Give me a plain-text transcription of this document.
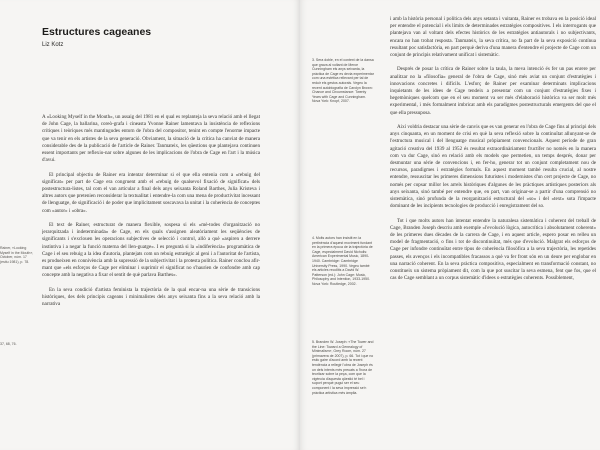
Estructures cageanes
Liz Kotz
Rainer, «Looking Myself in the Mouth», October, núm. 17 (estiu 1981), p. 78.
37, 68, 76.

A «Looking Myself in the Mouth», un assaig del 1981 en el qual es replanteja la seva relació amb el llegat de John Cage, la ballarina, coreò-grafa i cineasta Yvonne Rainer lamentava la insistència de reflexions crítiques i teòriques més mantingudes entorn de l'obra del compositor, tenint en compte l'enorme impacte que va tenir en els artistes de la seva generació. Obviament, la situació de la crítica ha canviat de manera considerable des de la publicació de l'article de Rainer. Tanmateix, les qüestions que plantejava continuen essent importants per reflexio-nar sobre algunes de les implicacions de l'obra de Cage en l'art i la música d'avui.

El principal objectiu de Rainer era intentar determinar si el que ella entenia com a «rebuig del significat» per part de Cage era congruent amb el «rebuig de qualsevol fixació de significat» dels postestructura-listes, tal com el van articular a final dels anys seixanta Roland Barthes, Julia Kristeva i altres autors que pretenien reconsiderar la textualitat i entendre-la com una mena de productivitat incessant de llenguatge, de significació i de poder que implicitament soscavava la unitat i la coherència de conceptes com «autor» i «obra».

El text de Rainer, estructurat de manera flexible, sospesa si els «mè-todes d'organització no jerarquitzada i indeterminada» de Cage, en els quals s'assignen aleatòriament les seqüències de significants i s'exclouen les operacions subjectives de selecció i control, allò a què «aspiren a derrere instintiva i a negar la funció materna del llen-guatge». I es preguntà si la «indiferència» programàtica de Cage i el seu rebuig a la idea d'autoria, plantejats com un rebuig estratègic al geni i a l'autoritat de l'artista, es produeixen en connivència amb la supressió de la subjectivitat i la protesta política. Rainer conclou afir-mant que «els esforços de Cage per eliminar i suprimir el significat no s'haurien de confondre amb cap concepte amb la negativa a fixar el sentit de què parlava Barthes».

En la seva condició d'artista feminista la trajectòria de la qual encar-na una sèrie de transicions històriques, des dels principis cageans i minimalistes dels anys seixanta fins a la seva relació amb la narrativa

3. Sera doble, en el context de la dansa que grava al voltant de Merce Cunningham els anys seixanta, la pràctica de Cage es devia experimentar com una estètica rellevant per tal de reduir els gestos autorals. Vegeu la recent autobiografia de Carolyn Brown: Chance and Circumstance: Twenty Years with Cage and Cunningham. Nova York: Knopf, 2007.
4. Molts autors han insistit en la pertinència d'aquest moviment fundant en la primera època de la trajectòria de Cage, especialment David Nicholls: American Experimental Music, 1890-1940. Cambridge: Cambridge University Press, 1990. Vegeu també els articles recollits a David W. Patterson (ed.): John Cage: Music, Philosophy and Intention, 1933-1950. Nova York: Routledge, 2002.
5. Branden W. Joseph: «The Tower and the Line: Toward a Genealogy of Minimalism», Grey Room, núm. 27 (primavera de 2007), p. 66. Tot i que no estic gaire d'acord amb la recent tendència a rellegir l'obra de Joseph és un dels intents més preuats a l'hora de teoritzar sobre la peça, com que la vigència d'aquesta qüestió té bel i suport perquè pugui ser el seu component i la seva impressió se'n pràctica artística més àmplia.

i amb la història personal i política dels anys setanta i vuitanta, Rainer es trobava en la posició ideal per entendre el potencial i els límits de determinades estratègies compositives. I els interrogants que plantejava van al voltant dels efectes històrics de les estratègies antiautorals i no subjectivants, encara no han trobat resposta. Tanmateix, la seva crítica, no fa part de la seva exposició contínua resultant poc satisfactòria, en part perquè deriva d'una manera d'entendre el projecte de Cage com un conjunt de principis relativament unificat i sistemàtic.

Després de posar la crítica de Rainer sobre la taula, la meva intenció és fer un pas enrere per analitzar no la «filosofia» general de l'obra de Cage, sinó més aviat un conjunt d'estratègies i innovacions concretes i difícils. L'esforç de Rainer per examinar determinats implicacions inquietants de les idees de Cage tendeix a presentar com un conjunt d'estratègies fixes i hegemòniques quelcom que en el seu moment va ser més d'elaboració històrica va ser molt més experimental, i més formalment imbricat amb els paradigmes postestructurals emergents del que el que ella pressuposa.

Així voldria destacar una sèrie de canvis que es van generar en l'obra de Cage fins al principi dels anys cinquanta, en un moment de crisi en què la seva reflexió sobre la continuïtat allunyant-se de l'estructura musical i del llenguatge musical pròpiament convencionals. Aquest període de gran agitació creativa del 1939 al 1952 és resultat extraordinàriament fructífer no només en la manera com va dur Cage, sinó en relació amb els models que permetien, un temps després, donar per desmuntar una sèrie de convencions i, en fer-ho, generar tot un conjunt completament nou de recursos, paradigmes i estratègies formals. En aquest moment també resulta crucial, al nostre entendre, ressuscitar les primeres dimensions futuristes i modernistes d'un cert projecte de Cage, no només per copsar millor les arrels històriques d'algunes de les pràctiques artístiques posteriors als anys seixanta, sinó també per entendre que, en part, van originar-se a partir d'una comprensió no sistemàtica, sinó profunda de la reorganització estructural del «so» i del «text» sota l'impacte dominant de les incipients tecnologies de producció i enregistrament del so.

Tot i que molts autors han intentat entendre la naturalesa sistemàtica i coherent del treball de Cage, Branden Joseph descriu amb exemple «l'evolució lògica, autocrítica i absolutament coherent» de les primeres dues dècades de la carrera de Cage, i en aquest article, espero posar en relleu un model de fragmentació, o fins i tot de discontinuïtat, més que d'evolució. Malgrat els esforços de Cage per infondre continuïtat entre tipus de coherència filosòfica a la seva trajectòria, les repetides passes, els avenços i els incompatibles fracassos a què va fer front són en un deure per englobar en una narració coherent. En la seva pràctica compositiva, especialment en transformació constant, no constitueix un sistema pròpiament dit, com la que pot suscitar la seva esmena, fent que fos, que el cas de Cage semblant a un corpus sistemàtic d'idees o estratègies coherents. Possiblement,
